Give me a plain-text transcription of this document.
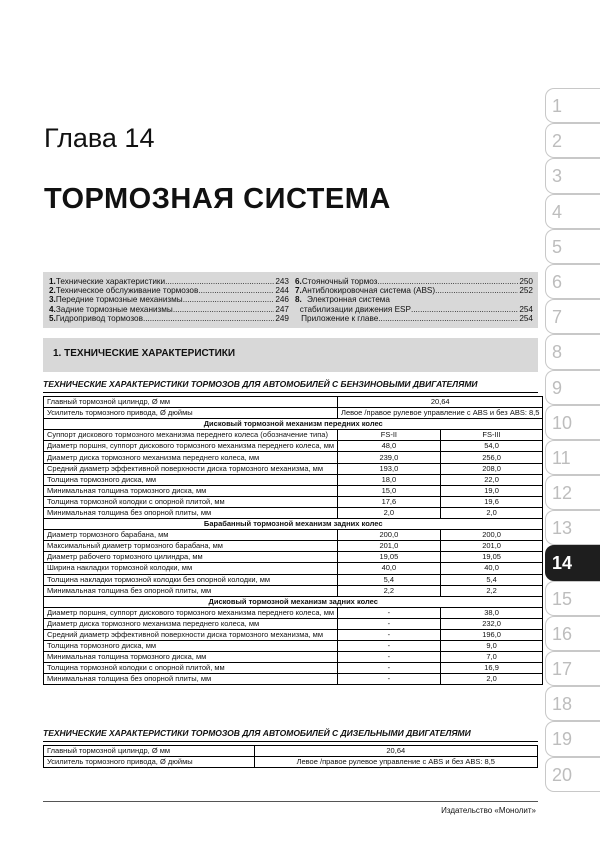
Глава 14
ТОРМОЗНАЯ СИСТЕМА
1. Технические характеристики .....	243
2. Техническое обслуживание тормозов .....	244
3. Передние тормозные механизмы .....	246
4. Задние тормозные механизмы .....	247
5. Гидропривод тормозов .....	249
6. Стояночный тормоз .....	250
7. Антиблокировочная система (ABS) .....	252
8. Электронная система
стабилизации движения ESP .....	254
Приложение к главе .....	254
1. ТЕХНИЧЕСКИЕ ХАРАКТЕРИСТИКИ
ТЕХНИЧЕСКИЕ ХАРАКТЕРИСТИКИ ТОРМОЗОВ ДЛЯ АВТОМОБИЛЕЙ С БЕНЗИНОВЫМИ ДВИГАТЕЛЯМИ
Главный тормозной цилиндр, Ø мм	20,64	
Усилитель тормозного привода, Ø дюймы	Левое /правое рулевое управление с ABS и без ABS: 8,5	
Дисковый тормозной механизм передних колес		
Суппорт дискового тормозного механизма переднего колеса (обозначение типа)	FS-II	FS-III
Диаметр поршня, суппорт дискового тормозного механизма переднего колеса, мм	48,0	54,0
Диаметр диска тормозного механизма переднего колеса, мм	239,0	256,0
Средний диаметр эффективной поверхности диска тормозного механизма, мм	193,0	208,0
Толщина тормозного диска, мм	18,0	22,0
Минимальная толщина тормозного диска, мм	15,0	19,0
Толщина тормозной колодки с опорной плитой, мм	17,6	19,6
Минимальная толщина без опорной плиты, мм	2,0	2,0
Барабанный тормозной механизм задних колес		
Диаметр тормозного барабана, мм	200,0	200,0
Максимальный диаметр тормозного барабана, мм	201,0	201,0
Диаметр рабочего тормозного цилиндра, мм	19,05	19,05
Ширина накладки тормозной колодки, мм	40,0	40,0
Толщина накладки тормозной колодки без опорной колодки, мм	5,4	5,4
Минимальная толщина без опорной плиты, мм	2,2	2,2
Дисковый тормозной механизм задних колес		
Диаметр поршня, суппорт дискового тормозного механизма переднего колеса, мм	-	38,0
Диаметр диска тормозного механизма переднего колеса, мм	-	232,0
Средний диаметр эффективной поверхности диска тормозного механизма, мм	-	196,0
Толщина тормозного диска, мм	-	9,0
Минимальная толщина тормозного диска, мм	-	7,0
Толщина тормозной колодки с опорной плитой, мм	-	16,9
Минимальная толщина без опорной плиты, мм	-	2,0
ТЕХНИЧЕСКИЕ ХАРАКТЕРИСТИКИ ТОРМОЗОВ ДЛЯ АВТОМОБИЛЕЙ С ДИЗЕЛЬНЫМИ ДВИГАТЕЛЯМИ
Главный тормозной цилиндр, Ø мм	20,64
Усилитель тормозного привода, Ø дюймы	Левое /правое рулевое управление с ABS и без ABS: 8,5
1
2
3
4
5
6
7
8
9
10
11
12
13
14
15
16
17
18
19
20
Издательство «Монолит»
